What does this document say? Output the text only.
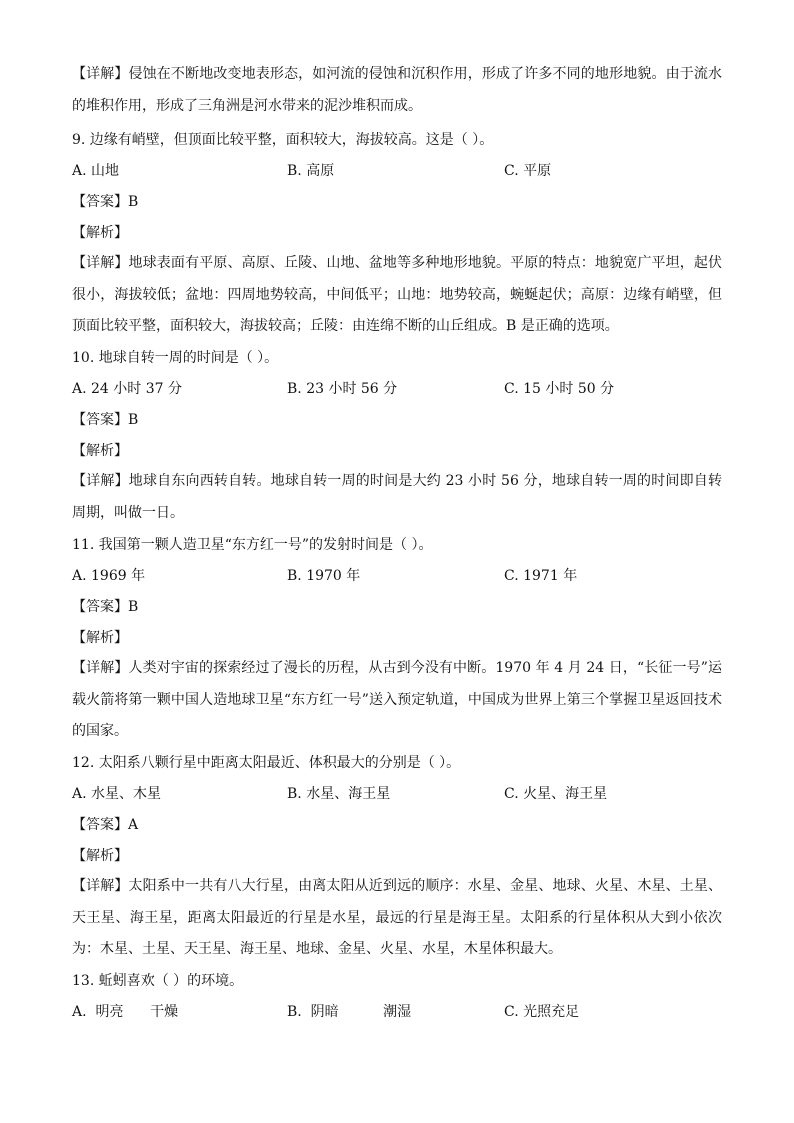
【详解】侵蚀在不断地改变地表形态，如河流的侵蚀和沉积作用，形成了许多不同的地形地貌。由于流水的堆积作用，形成了三角洲是河水带来的泥沙堆积而成。
9. 边缘有峭壁，但顶面比较平整，面积较大，海拔较高。这是（ ）。
A. 山地	B. 高原	C. 平原
【答案】B
【解析】
【详解】地球表面有平原、高原、丘陵、山地、盆地等多种地形地貌。平原的特点：地貌宽广平坦，起伏很小，海拔较低；盆地：四周地势较高，中间低平；山地：地势较高，蜿蜒起伏；高原：边缘有峭壁，但顶面比较平整，面积较大，海拔较高；丘陵：由连绵不断的山丘组成。B 是正确的选项。
10. 地球自转一周的时间是（ ）。
A. 24 小时 37 分	B. 23 小时 56 分	C. 15 小时 50 分
【答案】B
【解析】
【详解】地球自东向西转自转。地球自转一周的时间是大约 23 小时 56 分，地球自转一周的时间即自转周期，叫做一日。
11. 我国第一颗人造卫星“东方红一号”的发射时间是（ ）。
A. 1969 年	B. 1970 年	C. 1971 年
【答案】B
【解析】
【详解】人类对宇宙的探索经过了漫长的历程，从古到今没有中断。1970 年 4 月 24 日，“长征一号”运载火箭将第一颗中国人造地球卫星“东方红一号”送入预定轨道，中国成为世界上第三个掌握卫星返回技术的国家。
12. 太阳系八颗行星中距离太阳最近、体积最大的分别是（ ）。
A. 水星、木星	B. 水星、海王星	C. 火星、海王星
【答案】A
【解析】
【详解】太阳系中一共有八大行星，由离太阳从近到远的顺序：水星、金星、地球、火星、木星、土星、天王星、海王星，距离太阳最近的行星是水星，最远的行星是海王星。太阳系的行星体积从大到小依次为：木星、土星、天王星、海王星、地球、金星、火星、水星，木星体积最大。
13. 蚯蚓喜欢（ ）的环境。
A.  明亮      干燥	B.  阴暗          潮湿	C. 光照充足
